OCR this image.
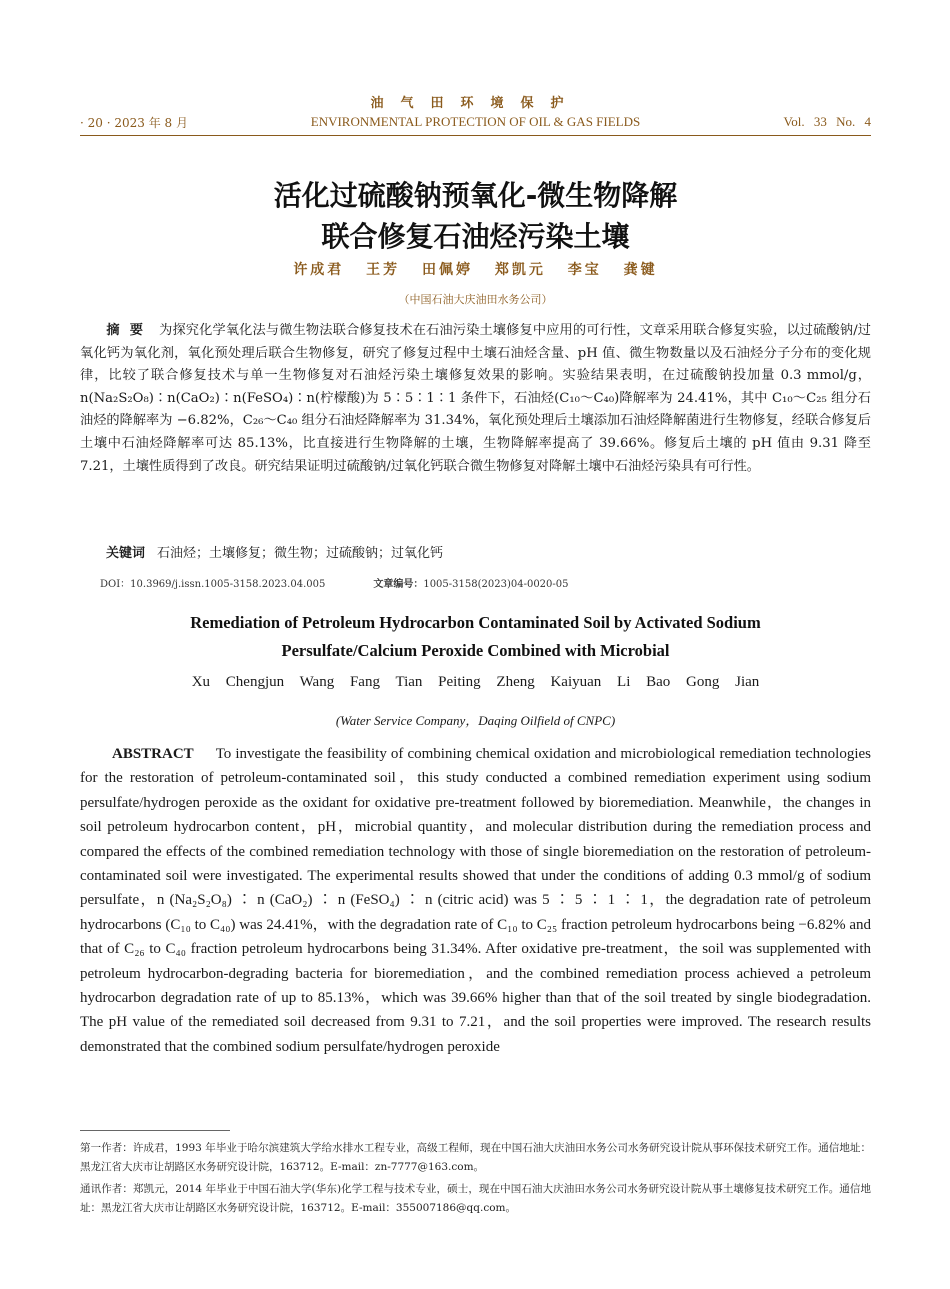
油气田环境保护
· 20 · 2023 年 8 月	ENVIRONMENTAL PROTECTION OF OIL & GAS FIELDS	Vol. 33 No. 4
活化过硫酸钠预氧化-微生物降解
联合修复石油烃污染土壤
许成君 王芳 田佩婷 郑凯元 李宝 龚键
（中国石油大庆油田水务公司）

摘要 为探究化学氧化法与微生物法联合修复技术在石油污染土壤修复中应用的可行性，文章采用联合修复实验，以过硫酸钠/过氧化钙为氧化剂，氧化预处理后联合生物修复，研究了修复过程中土壤石油烃含量、pH 值、微生物数量以及石油烃分子分布的变化规律，比较了联合修复技术与单一生物修复对石油烃污染土壤修复效果的影响。实验结果表明，在过硫酸钠投加量 0.3 mmol/g，n(Na₂S₂O₈)∶n(CaO₂)∶n(FeSO₄)∶n(柠檬酸)为 5∶5∶1∶1 条件下，石油烃(C₁₀～C₄₀)降解率为 24.41%，其中 C₁₀～C₂₅ 组分石油烃的降解率为 −6.82%，C₂₆～C₄₀ 组分石油烃降解率为 31.34%，氧化预处理后土壤添加石油烃降解菌进行生物修复，经联合修复后土壤中石油烃降解率可达 85.13%，比直接进行生物降解的土壤，生物降解率提高了 39.66%。修复后土壤的 pH 值由 9.31 降至 7.21，土壤性质得到了改良。研究结果证明过硫酸钠/过氧化钙联合微生物修复对降解土壤中石油烃污染具有可行性。

关键词 石油烃；土壤修复；微生物；过硫酸钠；过氧化钙
DOI：10.3969/j.issn.1005-3158.2023.04.005	文章编号：1005-3158(2023)04-0020-05
Remediation of Petroleum Hydrocarbon Contaminated Soil by Activated Sodium
Persulfate/Calcium Peroxide Combined with Microbial
Xu Chengjun Wang Fang Tian Peiting Zheng Kaiyuan Li Bao Gong Jian
(Water Service Company，Daqing Oilfield of CNPC)

ABSTRACT To investigate the feasibility of combining chemical oxidation and microbiological remediation technologies for the restoration of petroleum-contaminated soil，this study conducted a combined remediation experiment using sodium persulfate/hydrogen peroxide as the oxidant for oxidative pre-treatment followed by bioremediation. Meanwhile，the changes in soil petroleum hydrocarbon content，pH，microbial quantity，and molecular distribution during the remediation process and compared the effects of the combined remediation technology with those of single bioremediation on the restoration of petroleum-contaminated soil were investigated. The experimental results showed that under the conditions of adding 0.3 mmol/g of sodium persulfate，n (Na₂S₂O₈) ∶ n (CaO₂) ∶ n (FeSO₄) ∶ n (citric acid) was 5 ∶ 5 ∶ 1 ∶ 1，the degradation rate of petroleum hydrocarbons (C₁₀ to C₄₀) was 24.41%，with the degradation rate of C₁₀ to C₂₅ fraction petroleum hydrocarbons being −6.82% and that of C₂₆ to C₄₀ fraction petroleum hydrocarbons being 31.34%. After oxidative pre-treatment，the soil was supplemented with petroleum hydrocarbon-degrading bacteria for bioremediation，and the combined remediation process achieved a petroleum hydrocarbon degradation rate of up to 85.13%，which was 39.66% higher than that of the soil treated by single biodegradation. The pH value of the remediated soil decreased from 9.31 to 7.21，and the soil properties were improved. The research results demonstrated that the combined sodium persulfate/hydrogen peroxide

第一作者：许成君，1993 年毕业于哈尔滨建筑大学给水排水工程专业，高级工程师，现在中国石油大庆油田水务公司水务研究设计院从事环保技术研究工作。通信地址：黑龙江省大庆市让胡路区水务研究设计院，163712。E-mail：zn-7777@163.com。

通讯作者：郑凯元，2014 年毕业于中国石油大学(华东)化学工程与技术专业，硕士，现在中国石油大庆油田水务公司水务研究设计院从事土壤修复技术研究工作。通信地址：黑龙江省大庆市让胡路区水务研究设计院，163712。E-mail：355007186@qq.com。
